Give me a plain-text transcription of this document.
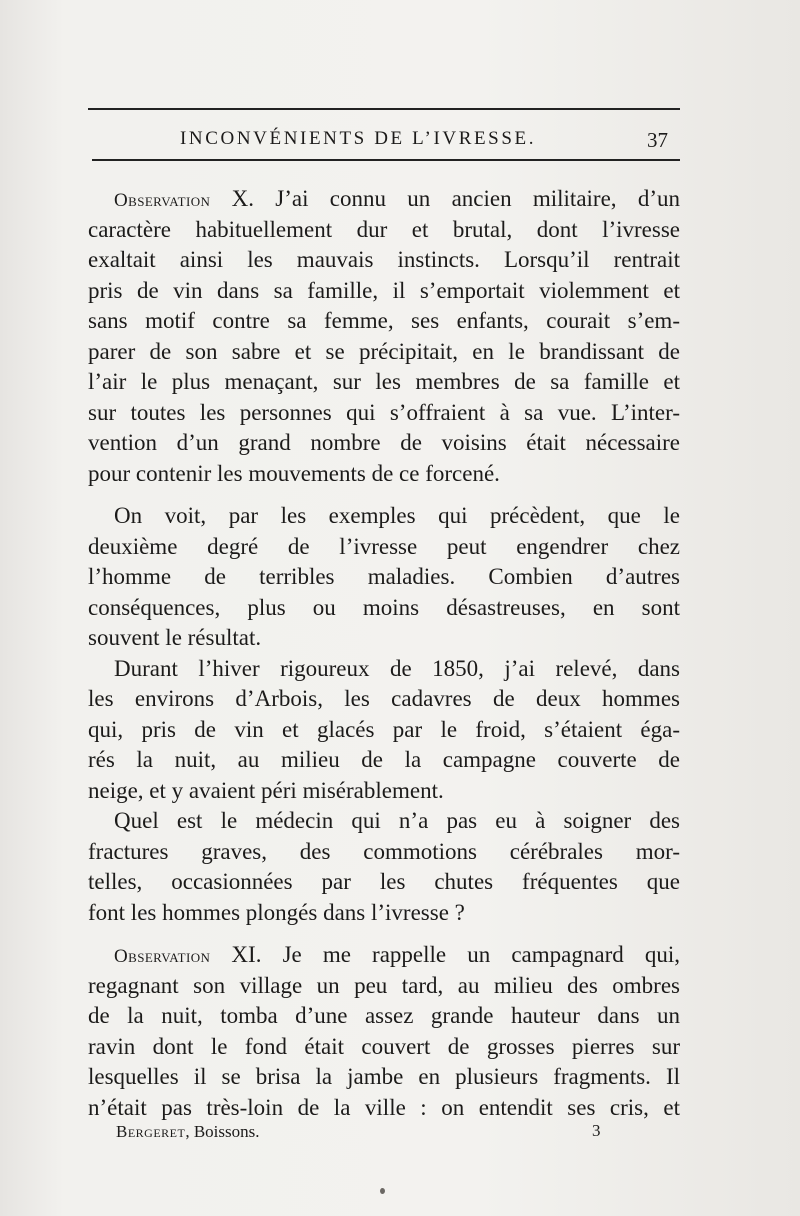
INCONVÉNIENTS DE L’IVRESSE.	37
Observation X. J’ai connu un ancien militaire, d’un
caractère habituellement dur et brutal, dont l’ivresse
exaltait ainsi les mauvais instincts. Lorsqu’il rentrait
pris de vin dans sa famille, il s’emportait violemment et
sans motif contre sa femme, ses enfants, courait s’em-
parer de son sabre et se précipitait, en le brandissant de
l’air le plus menaçant, sur les membres de sa famille et
sur toutes les personnes qui s’offraient à sa vue. L’inter-
vention d’un grand nombre de voisins était nécessaire
pour contenir les mouvements de ce forcené.
On voit, par les exemples qui précèdent, que le
deuxième degré de l’ivresse peut engendrer chez
l’homme de terribles maladies. Combien d’autres
conséquences, plus ou moins désastreuses, en sont
souvent le résultat.
Durant l’hiver rigoureux de 1850, j’ai relevé, dans
les environs d’Arbois, les cadavres de deux hommes
qui, pris de vin et glacés par le froid, s’étaient éga-
rés la nuit, au milieu de la campagne couverte de
neige, et y avaient péri misérablement.
Quel est le médecin qui n’a pas eu à soigner des
fractures graves, des commotions cérébrales mor-
telles, occasionnées par les chutes fréquentes que
font les hommes plongés dans l’ivresse ?
Observation XI. Je me rappelle un campagnard qui,
regagnant son village un peu tard, au milieu des ombres
de la nuit, tomba d’une assez grande hauteur dans un
ravin dont le fond était couvert de grosses pierres sur
lesquelles il se brisa la jambe en plusieurs fragments. Il
n’était pas très-loin de la ville : on entendit ses cris, et
Bergeret, Boissons.	3
